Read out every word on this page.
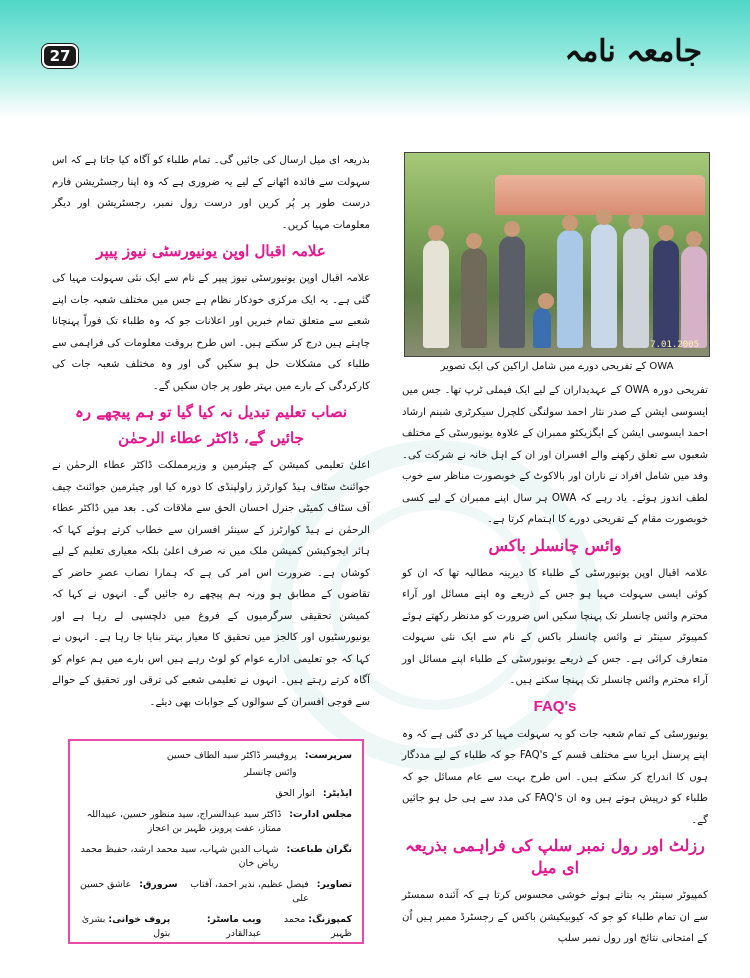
27	جامعہ نامہ
7.01.2005
OWA کے تفریحی دورے میں شامل اراکین کی ایک تصویر

تفریحی دورہ OWA کے عہدیداران کے لیے ایک فیملی ٹرپ تھا۔ جس میں ایسوسی ایشن کے صدر نثار احمد سولنگی کلچرل سیکرٹری شبنم ارشاد احمد ایسوسی ایشن کے ایگزیکٹو ممبران کے علاوہ یونیورسٹی کے مختلف شعبوں سے تعلق رکھنے والے افسران اور ان کے اہل خانہ نے شرکت کی۔ وفد میں شامل افراد نے ناران اور بالاکوٹ کے خوبصورت مناظر سے خوب لطف اندوز ہوئے۔ یاد رہے کہ OWA ہر سال اپنے ممبران کے لیے کسی خوبصورت مقام کے تفریحی دورے کا اہتمام کرتا ہے۔

وائس چانسلر باکس

علامہ اقبال اوپن یونیورسٹی کے طلباء کا دیرینہ مطالبہ تھا کہ ان کو کوئی ایسی سہولت مہیا ہو جس کے ذریعے وہ اپنے مسائل اور آراء محترم وائس چانسلر تک پہنچا سکیں اس ضرورت کو مدنظر رکھتے ہوئے کمپیوٹر سینٹر نے وائس چانسلر باکس کے نام سے ایک نئی سہولت متعارف کرائی ہے۔ جس کے ذریعے یونیورسٹی کے طلباء اپنے مسائل اور آراء محترم وائس چانسلر تک پہنچا سکتے ہیں۔

FAQ's

یونیورسٹی کے تمام شعبہ جات کو یہ سہولت مہیا کر دی گئی ہے کہ وہ اپنے پرسنل ایریا سے مختلف قسم کے FAQ's جو کہ طلباء کے لیے مددگار ہوں کا اندراج کر سکتے ہیں۔ اس طرح بہت سے عام مسائل جو کہ طلباء کو درپیش ہوتے ہیں وہ ان FAQ's کی مدد سے ہی حل ہو جائیں گے۔

رزلٹ اور رول نمبر سلپ کی فراہمی بذریعہ ای میل

کمپیوٹر سینٹر یہ بتاتے ہوئے خوشی محسوس کرتا ہے کہ آئندہ سمسٹر سے ان تمام طلباء کو جو کہ کیوبیکیشن باکس کے رجسٹرڈ ممبر ہیں اُن کے امتحانی نتائج اور رول نمبر سلپ

بذریعہ ای میل ارسال کی جائیں گی۔ تمام طلباء کو آگاہ کیا جاتا ہے کہ اس سہولت سے فائدہ اٹھانے کے لیے یہ ضروری ہے کہ وہ اپنا رجسٹریشن فارم درست طور پر پُر کریں اور درست رول نمبر، رجسٹریشن اور دیگر معلومات مہیا کریں۔

علامہ اقبال اوپن یونیورسٹی نیوز پیپر

علامہ اقبال اوپن یونیورسٹی نیوز پیپر کے نام سے ایک نئی سہولت مہیا کی گئی ہے۔ یہ ایک مرکزی خودکار نظام ہے جس میں مختلف شعبہ جات اپنے شعبے سے متعلق تمام خبریں اور اعلانات جو کہ وہ طلباء تک فوراً پہنچانا چاہتے ہیں درج کر سکتے ہیں۔ اس طرح بروقت معلومات کی فراہمی سے طلباء کی مشکلات حل ہو سکیں گی اور وہ مختلف شعبہ جات کی کارکردگی کے بارے میں بہتر طور پر جان سکیں گے۔

نصاب تعلیم تبدیل نہ کیا گیا تو ہم پیچھے رہ
جائیں گے، ڈاکٹر عطاء الرحمٰن

اعلیٰ تعلیمی کمیشن کے چیئرمین و وزیرمملکت ڈاکٹر عطاء الرحمٰن نے جوائنٹ سٹاف ہیڈ کوارٹرز راولپنڈی کا دورہ کیا اور چیئرمین جوائنٹ چیف آف سٹاف کمیٹی جنرل احسان الحق سے ملاقات کی۔ بعد میں ڈاکٹر عطاء الرحمٰن نے ہیڈ کوارٹرز کے سینئر افسران سے خطاب کرتے ہوئے کہا کہ ہائر ایجوکیشن کمیشن ملک میں نہ صرف اعلیٰ بلکہ معیاری تعلیم کے لیے کوشاں ہے۔ ضرورت اس امر کی ہے کہ ہمارا نصاب عصرِ حاضر کے تقاضوں کے مطابق ہو ورنہ ہم پیچھے رہ جائیں گے۔ انہوں نے کہا کہ کمیشن تحقیقی سرگرمیوں کے فروغ میں دلچسپی لے رہا ہے اور یونیورسٹیوں اور کالجز میں تحقیق کا معیار بہتر بنایا جا رہا ہے۔ انہوں نے کہا کہ جو تعلیمی ادارے عوام کو لوٹ رہے ہیں اس بارے میں ہم عوام کو آگاہ کرتے رہتے ہیں۔ انہوں نے تعلیمی شعبے کی ترقی اور تحقیق کے حوالے سے فوجی افسران کے سوالوں کے جوابات بھی دیئے۔

سرپرست:
پروفیسر ڈاکٹر سید الطاف حسین
وائس چانسلر
ایڈیٹر:
انوار الحق
مجلس ادارت:
ڈاکٹر سید عبدالسراج، سید منظور حسین، عبیداللہ ممتاز، عفت پرویز، ظہیر بن اعجاز
نگران طباعت:
شہاب الدین شہاب، سید محمد ارشد، حفیظ محمد ریاض خان
تصاویر:
فیصل عظیم، نذیر احمد، آفتاب علی
سرورق:
عاشق حسین
کمپوزنگ: محمد ظہیر
ویب ماسٹر: عبدالقادر
پروف خوانی: بشریٰ بتول
